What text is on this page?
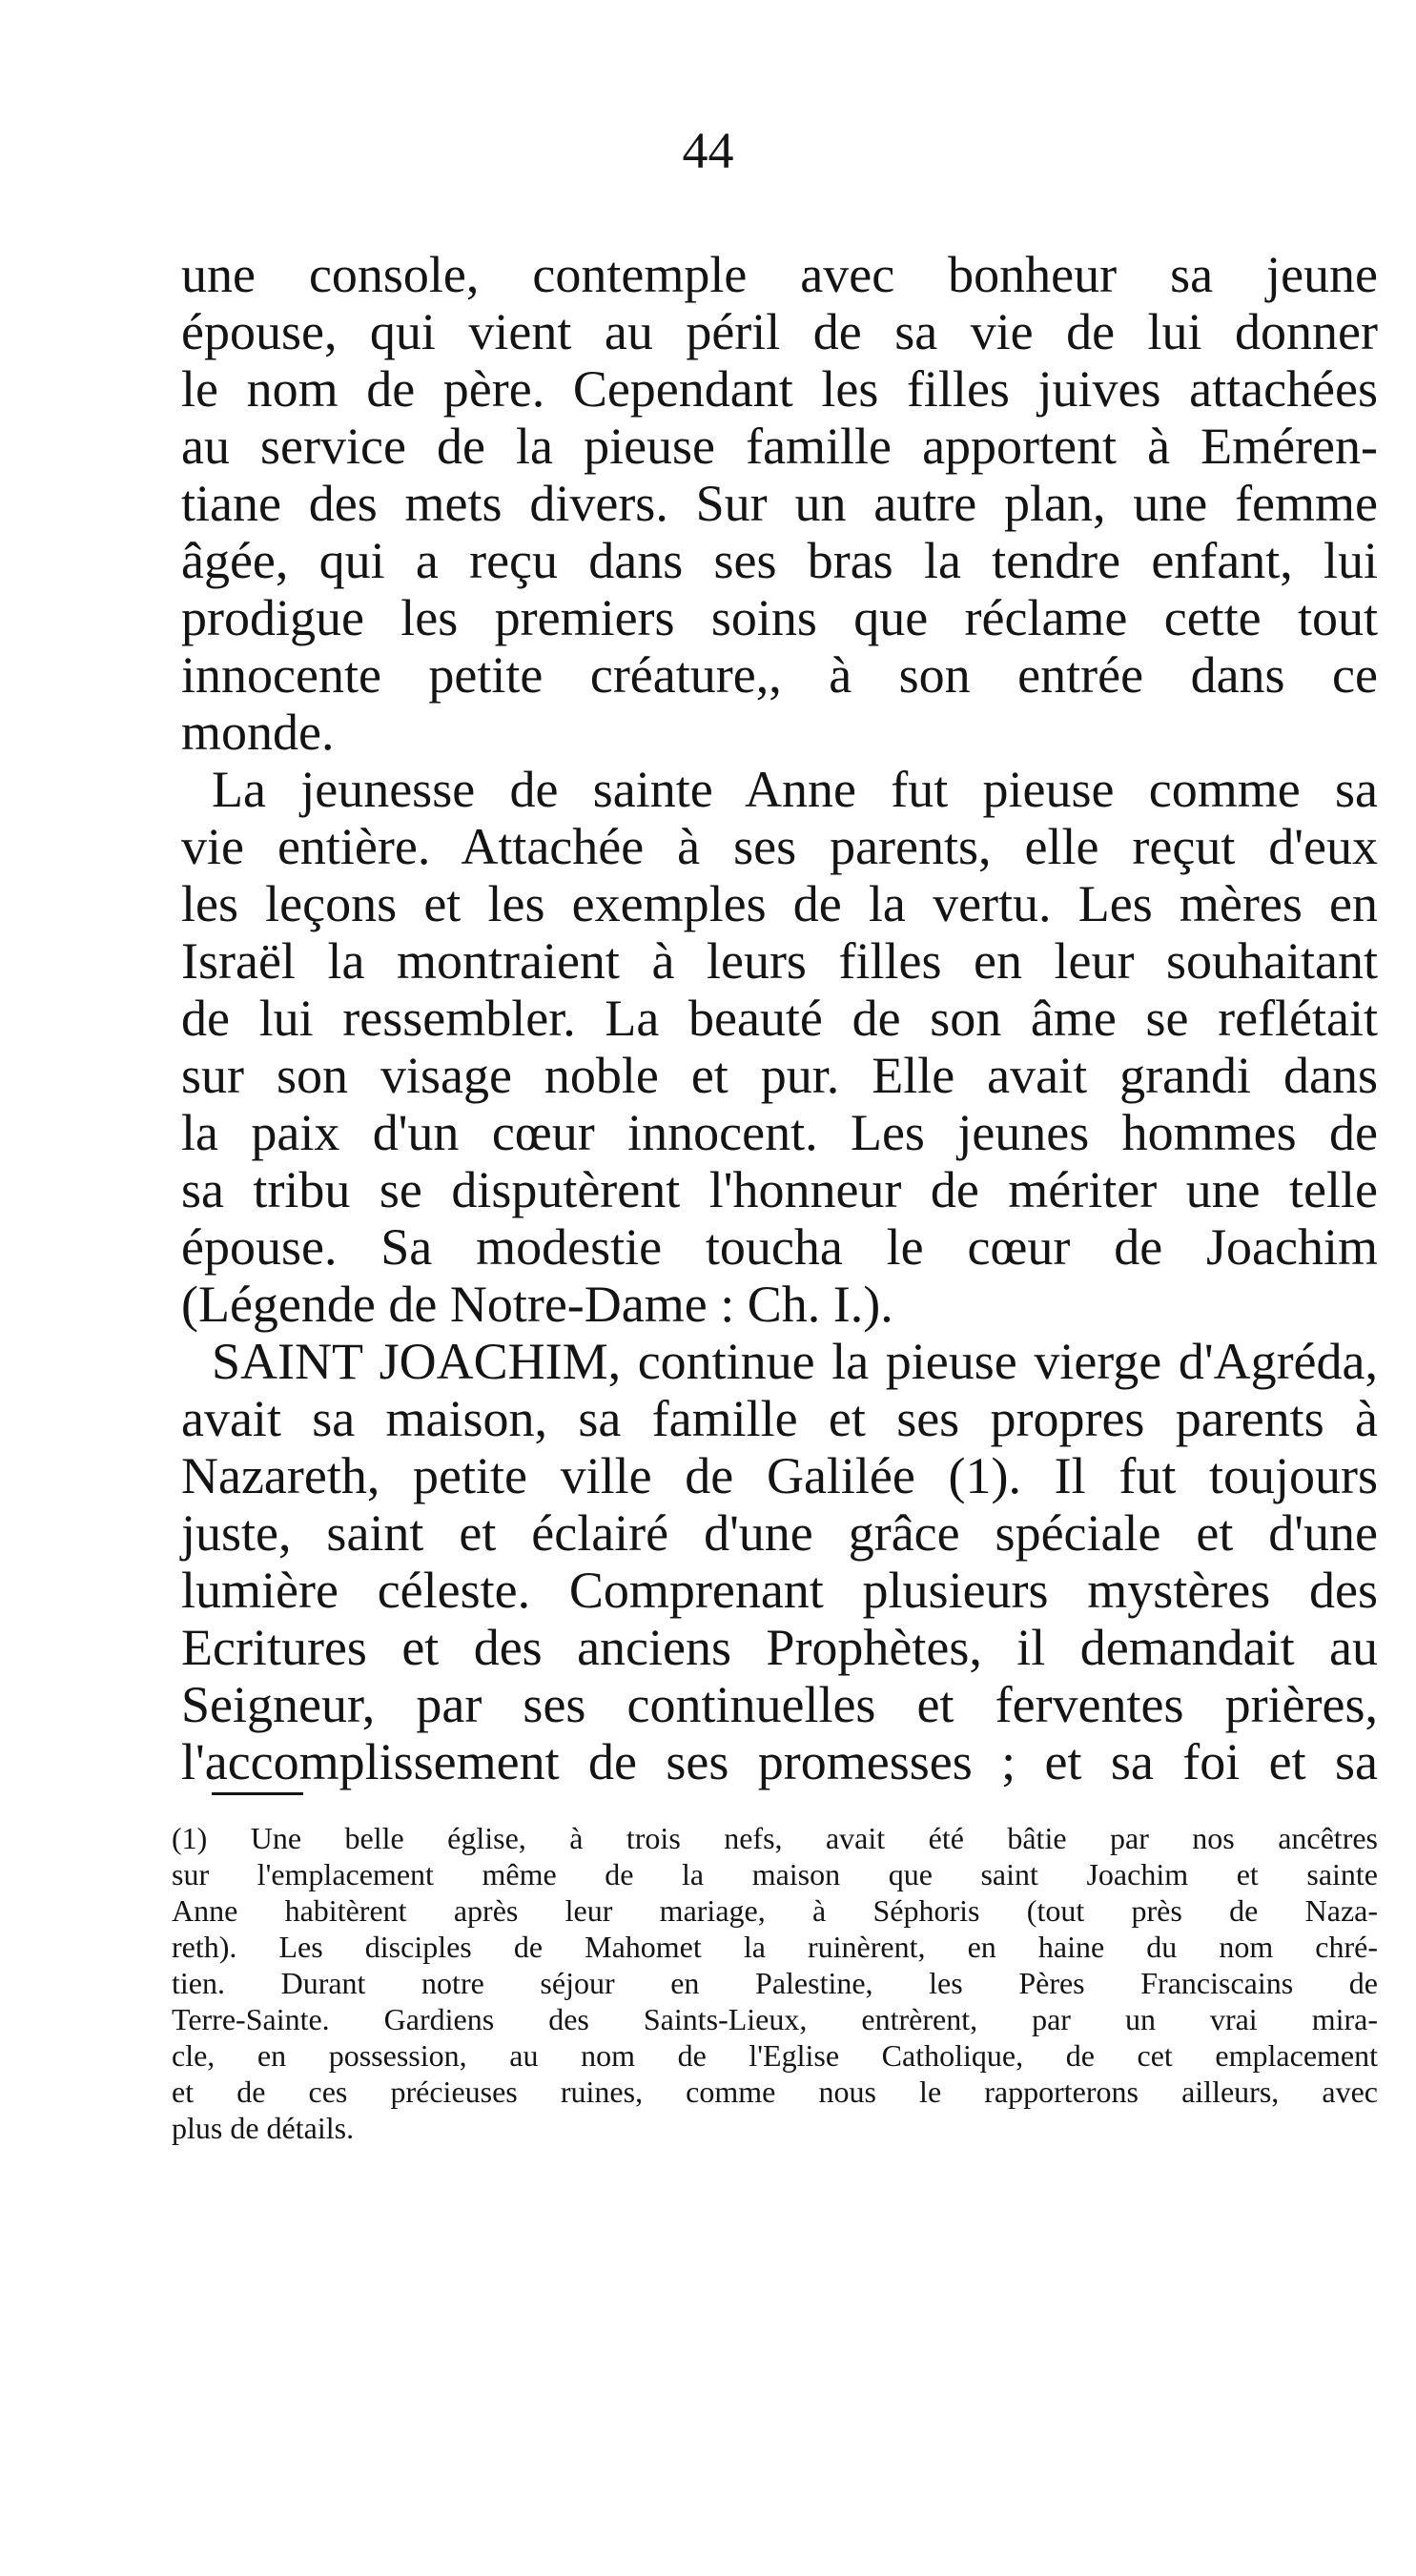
44
une console, contemple avec bonheur sa jeune
épouse, qui vient au péril de sa vie de lui donner
le nom de père. Cependant les filles juives attachées
au service de la pieuse famille apportent à Eméren-
tiane des mets divers. Sur un autre plan, une femme
âgée, qui a reçu dans ses bras la tendre enfant, lui
prodigue les premiers soins que réclame cette tout
innocente petite créature,, à son entrée dans ce
monde.
La jeunesse de sainte Anne fut pieuse comme sa
vie entière. Attachée à ses parents, elle reçut d'eux
les leçons et les exemples de la vertu. Les mères en
Israël la montraient à leurs filles en leur souhaitant
de lui ressembler. La beauté de son âme se reflétait
sur son visage noble et pur. Elle avait grandi dans
la paix d'un cœur innocent. Les jeunes hommes de
sa tribu se disputèrent l'honneur de mériter une telle
épouse. Sa modestie toucha le cœur de Joachim
(Légende de Notre-Dame : Ch. I.).
SAINT JOACHIM, continue la pieuse vierge d'Agréda,
avait sa maison, sa famille et ses propres parents à
Nazareth, petite ville de Galilée (1). Il fut toujours
juste, saint et éclairé d'une grâce spéciale et d'une
lumière céleste. Comprenant plusieurs mystères des
Ecritures et des anciens Prophètes, il demandait au
Seigneur, par ses continuelles et ferventes prières,
l'accomplissement de ses promesses ; et sa foi et sa
(1) Une belle église, à trois nefs, avait été bâtie par nos ancêtres
sur l'emplacement même de la maison que saint Joachim et sainte
Anne habitèrent après leur mariage, à Séphoris (tout près de Naza-
reth). Les disciples de Mahomet la ruinèrent, en haine du nom chré-
tien. Durant notre séjour en Palestine, les Pères Franciscains de
Terre-Sainte. Gardiens des Saints-Lieux, entrèrent, par un vrai mira-
cle, en possession, au nom de l'Eglise Catholique, de cet emplacement
et de ces précieuses ruines, comme nous le rapporterons ailleurs, avec
plus de détails.
